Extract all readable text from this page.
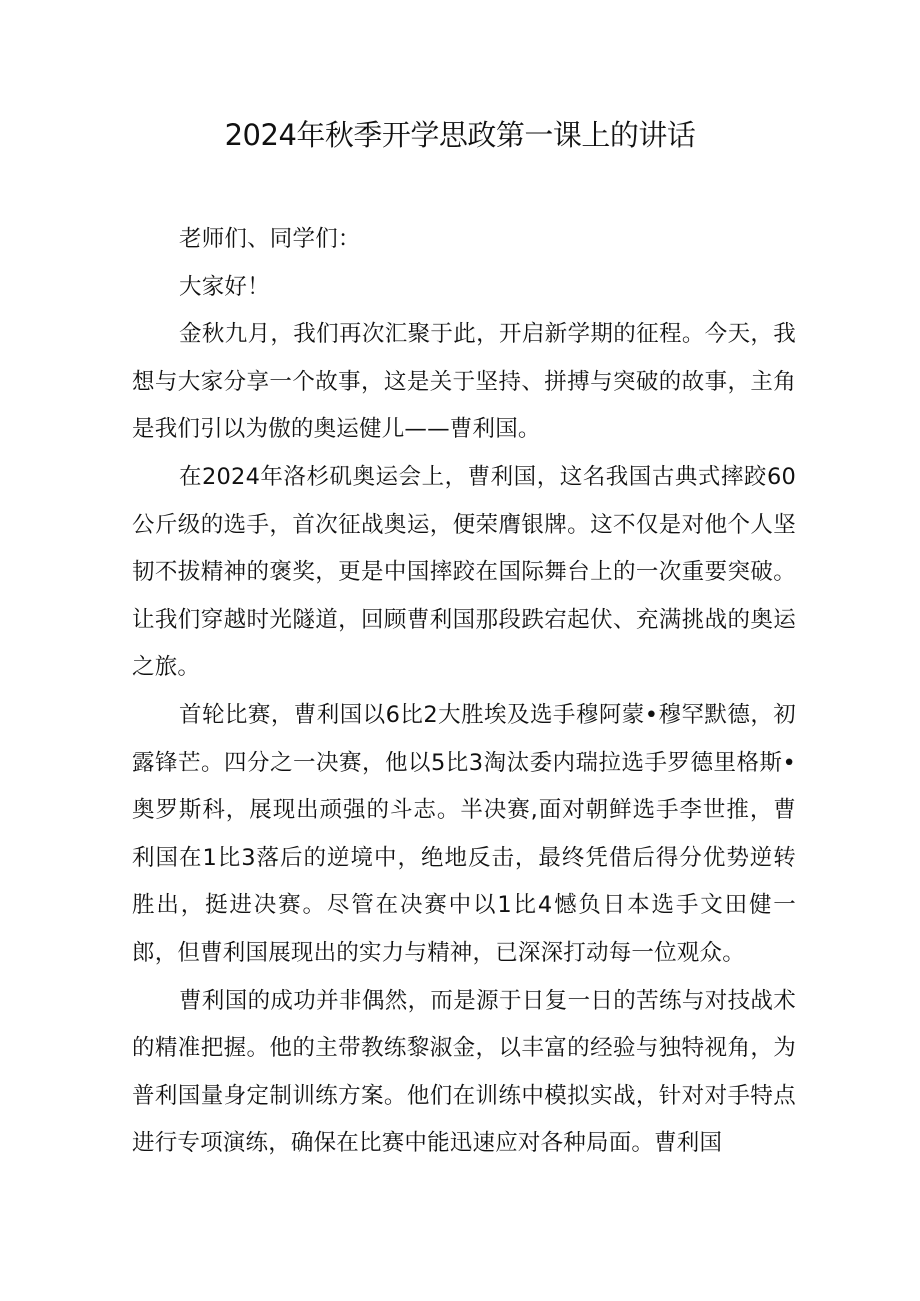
2024年秋季开学思政第一课上的讲话

老师们、同学们：

大家好！

金秋九月，我们再次汇聚于此，开启新学期的征程。今天，我想与大家分享一个故事，这是关于坚持、拼搏与突破的故事，主角是我们引以为傲的奥运健儿——曹利国。

在2024年洛杉矶奥运会上，曹利国，这名我国古典式摔跤60公斤级的选手，首次征战奥运，便荣膺银牌。这不仅是对他个人坚韧不拔精神的褒奖，更是中国摔跤在国际舞台上的一次重要突破。让我们穿越时光隧道，回顾曹利国那段跌宕起伏、充满挑战的奥运之旅。

首轮比赛，曹利国以6比2大胜埃及选手穆阿蒙•穆罕默德，初露锋芒。四分之一决赛，他以5比3淘汰委内瑞拉选手罗德里格斯•奥罗斯科，展现出顽强的斗志。半决赛,面对朝鲜选手李世推，曹利国在1比3落后的逆境中，绝地反击，最终凭借后得分优势逆转胜出，挺进决赛。尽管在决赛中以1比4憾负日本选手文田健一郎，但曹利国展现出的实力与精神，已深深打动每一位观众。

曹利国的成功并非偶然，而是源于日复一日的苦练与对技战术的精准把握。他的主带教练黎淑金，以丰富的经验与独特视角，为普利国量身定制训练方案。他们在训练中模拟实战，针对对手特点进行专项演练，确保在比赛中能迅速应对各种局面。曹利国
